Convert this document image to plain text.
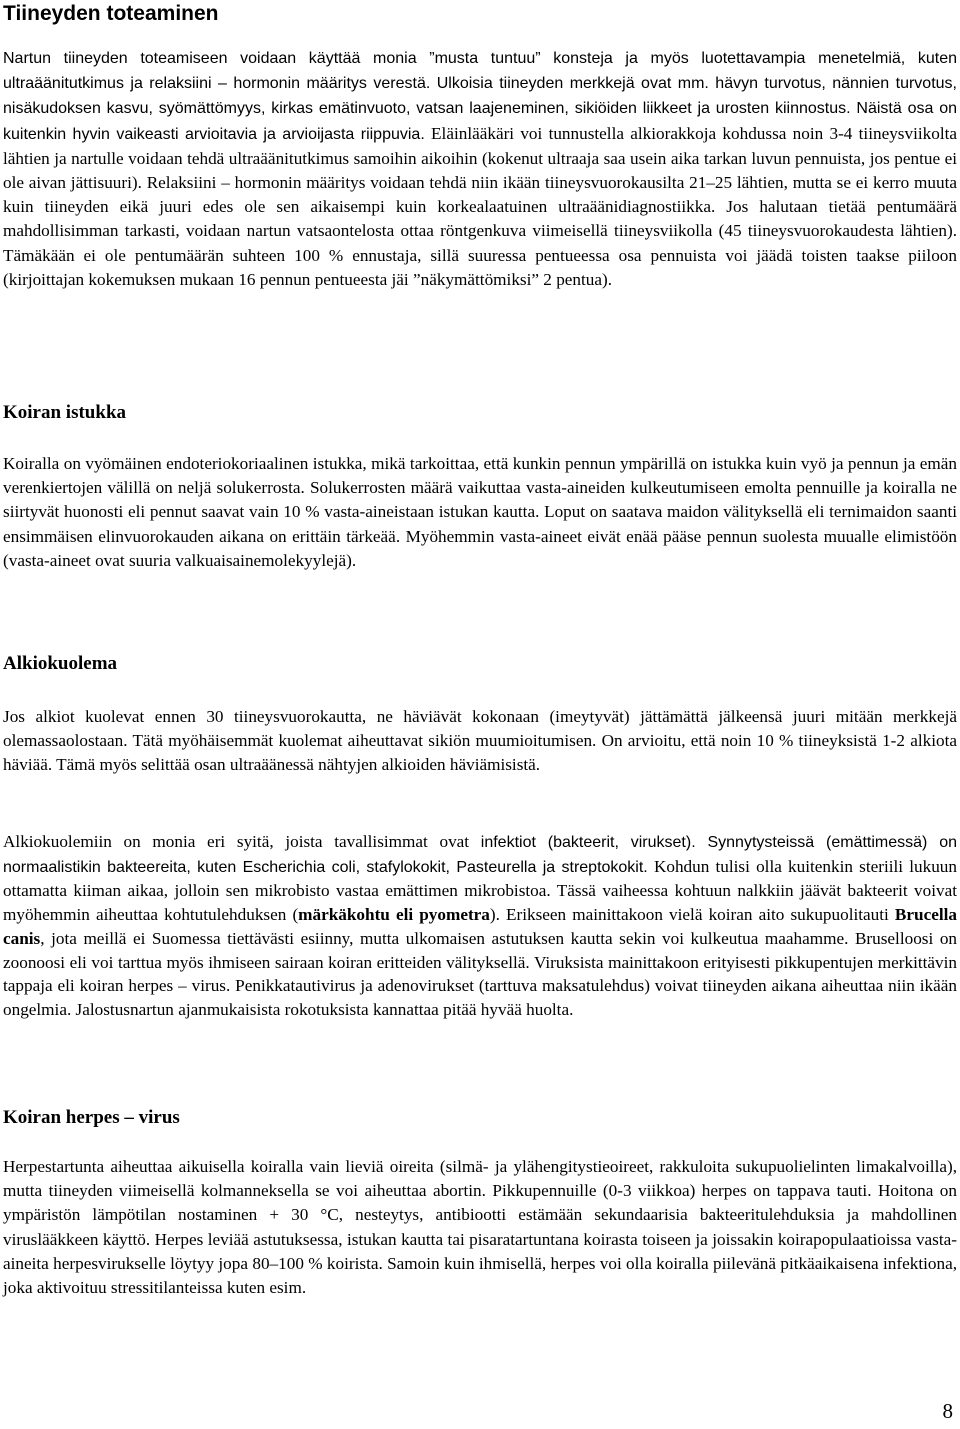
Tiineyden toteaminen

Nartun tiineyden toteamiseen voidaan käyttää monia ”musta tuntuu” konsteja ja myös luotettavampia menetelmiä, kuten ultraäänitutkimus ja relaksiini – hormonin määritys verestä. Ulkoisia tiineyden merkkejä ovat mm. hävyn turvotus, nännien turvotus, nisäkudoksen kasvu, syömättömyys, kirkas emätinvuoto, vatsan laajeneminen, sikiöiden liikkeet ja urosten kiinnostus. Näistä osa on kuitenkin hyvin vaikeasti arvioitavia ja arvioijasta riippuvia. Eläinlääkäri voi tunnustella alkiorakkoja kohdussa noin 3-4 tiineysviikolta lähtien ja nartulle voidaan tehdä ultraäänitutkimus samoihin aikoihin (kokenut ultraaja saa usein aika tarkan luvun pennuista, jos pentue ei ole aivan jättisuuri). Relaksiini – hormonin määritys voidaan tehdä niin ikään tiineysvuorokausilta 21–25 lähtien, mutta se ei kerro muuta kuin tiineyden eikä juuri edes ole sen aikaisempi kuin korkealaatuinen ultraäänidiagnostiikka. Jos halutaan tietää pentumäärä mahdollisimman tarkasti, voidaan nartun vatsaontelosta ottaa röntgenkuva viimeisellä tiineysviikolla (45 tiineysvuorokaudesta lähtien). Tämäkään ei ole pentumäärän suhteen 100 % ennustaja, sillä suuressa pentueessa osa pennuista voi jäädä toisten taakse piiloon (kirjoittajan kokemuksen mukaan 16 pennun pentueesta jäi ”näkymättömiksi” 2 pentua).

Koiran istukka

Koiralla on vyömäinen endoteriokoriaalinen istukka, mikä tarkoittaa, että kunkin pennun ympärillä on istukka kuin vyö ja pennun ja emän verenkiertojen välillä on neljä solukerrosta. Solukerrosten määrä vaikuttaa vasta-aineiden kulkeutumiseen emolta pennuille ja koiralla ne siirtyvät huonosti eli pennut saavat vain 10 % vasta-aineistaan istukan kautta. Loput on saatava maidon välityksellä eli ternimaidon saanti ensimmäisen elinvuorokauden aikana on erittäin tärkeää. Myöhemmin vasta-aineet eivät enää pääse pennun suolesta muualle elimistöön (vasta-aineet ovat suuria valkuaisainemolekyylejä).

Alkiokuolema

Jos alkiot kuolevat ennen 30 tiineysvuorokautta, ne häviävät kokonaan (imeytyvät) jättämättä jälkeensä juuri mitään merkkejä olemassaolostaan. Tätä myöhäisemmät kuolemat aiheuttavat sikiön muumioitumisen. On arvioitu, että noin 10 % tiineyksistä 1-2 alkiota häviää. Tämä myös selittää osan ultraäänessä nähtyjen alkioiden häviämisistä.

Alkiokuolemiin on monia eri syitä, joista tavallisimmat ovat infektiot (bakteerit, virukset). Synnytysteissä (emättimessä) on normaalistikin bakteereita, kuten Escherichia coli, stafylokokit, Pasteurella ja streptokokit. Kohdun tulisi olla kuitenkin steriili lukuun ottamatta kiiman aikaa, jolloin sen mikrobisto vastaa emättimen mikrobistoa. Tässä vaiheessa kohtuun nalkkiin jäävät bakteerit voivat myöhemmin aiheuttaa kohtutulehduksen (märkäkohtu eli pyometra). Erikseen mainittakoon vielä koiran aito sukupuolitauti Brucella canis, jota meillä ei Suomessa tiettävästi esiinny, mutta ulkomaisen astutuksen kautta sekin voi kulkeutua maahamme. Bruselloosi on zoonoosi eli voi tarttua myös ihmiseen sairaan koiran eritteiden välityksellä. Viruksista mainittakoon erityisesti pikkupentujen merkittävin tappaja eli koiran herpes – virus. Penikkatautivirus ja adenovirukset (tarttuva maksatulehdus) voivat tiineyden aikana aiheuttaa niin ikään ongelmia. Jalostusnartun ajanmukaisista rokotuksista kannattaa pitää hyvää huolta.

Koiran herpes – virus

Herpestartunta aiheuttaa aikuisella koiralla vain lieviä oireita (silmä- ja ylähengitystieoireet, rakkuloita sukupuolielinten limakalvoilla), mutta tiineyden viimeisellä kolmanneksella se voi aiheuttaa abortin. Pikkupennuille (0-3 viikkoa) herpes on tappava tauti. Hoitona on ympäristön lämpötilan nostaminen + 30 °C, nesteytys, antibiootti estämään sekundaarisia bakteeritulehduksia ja mahdollinen viruslääkkeen käyttö. Herpes leviää astutuksessa, istukan kautta tai pisaratartuntana koirasta toiseen ja joissakin koirapopulaatioissa vasta-aineita herpesvirukselle löytyy jopa 80–100 % koirista. Samoin kuin ihmisellä, herpes voi olla koiralla piilevänä pitkäaikaisena infektiona, joka aktivoituu stressitilanteissa kuten esim.

8
